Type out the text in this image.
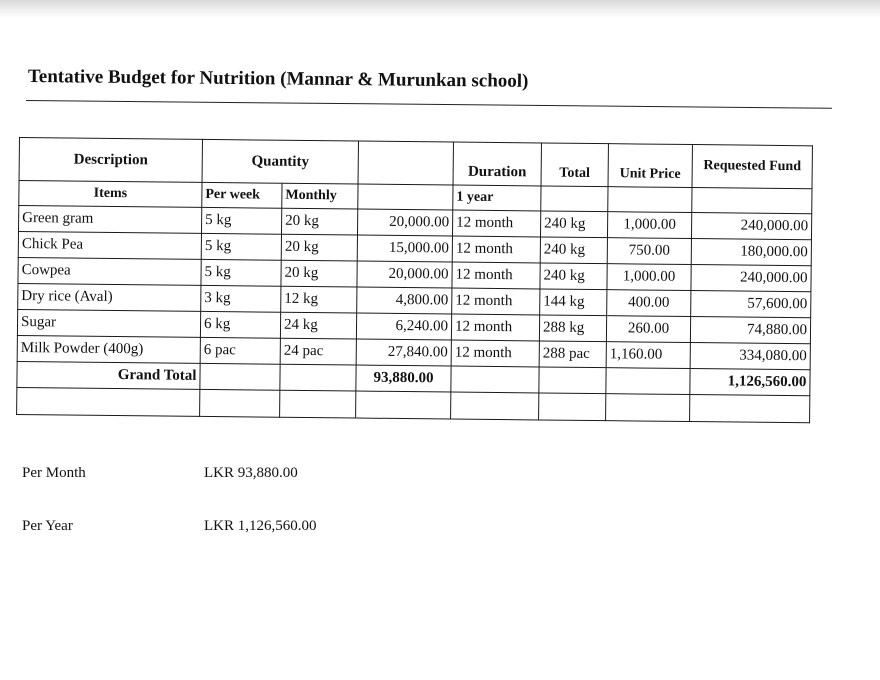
Tentative Budget for Nutrition (Mannar & Murunkan school)
Description	Quantity			Duration	Total	Unit Price	Requested Fund
Items	Per week	Monthly		1 year			
Green gram	5 kg	20 kg	20,000.00	12 month	240 kg	1,000.00	240,000.00
Chick Pea	5 kg	20 kg	15,000.00	12 month	240 kg	750.00	180,000.00
Cowpea	5 kg	20 kg	20,000.00	12 month	240 kg	1,000.00	240,000.00
Dry rice (Aval)	3 kg	12 kg	4,800.00	12 month	144 kg	400.00	57,600.00
Sugar	6 kg	24 kg	6,240.00	12 month	288 kg	260.00	74,880.00
Milk Powder (400g)	6 pac	24 pac	27,840.00	12 month	288 pac	1,160.00	334,080.00
Grand Total			93,880.00				1,126,560.00

Per Month	LKR 93,880.00
Per Year	LKR 1,126,560.00
